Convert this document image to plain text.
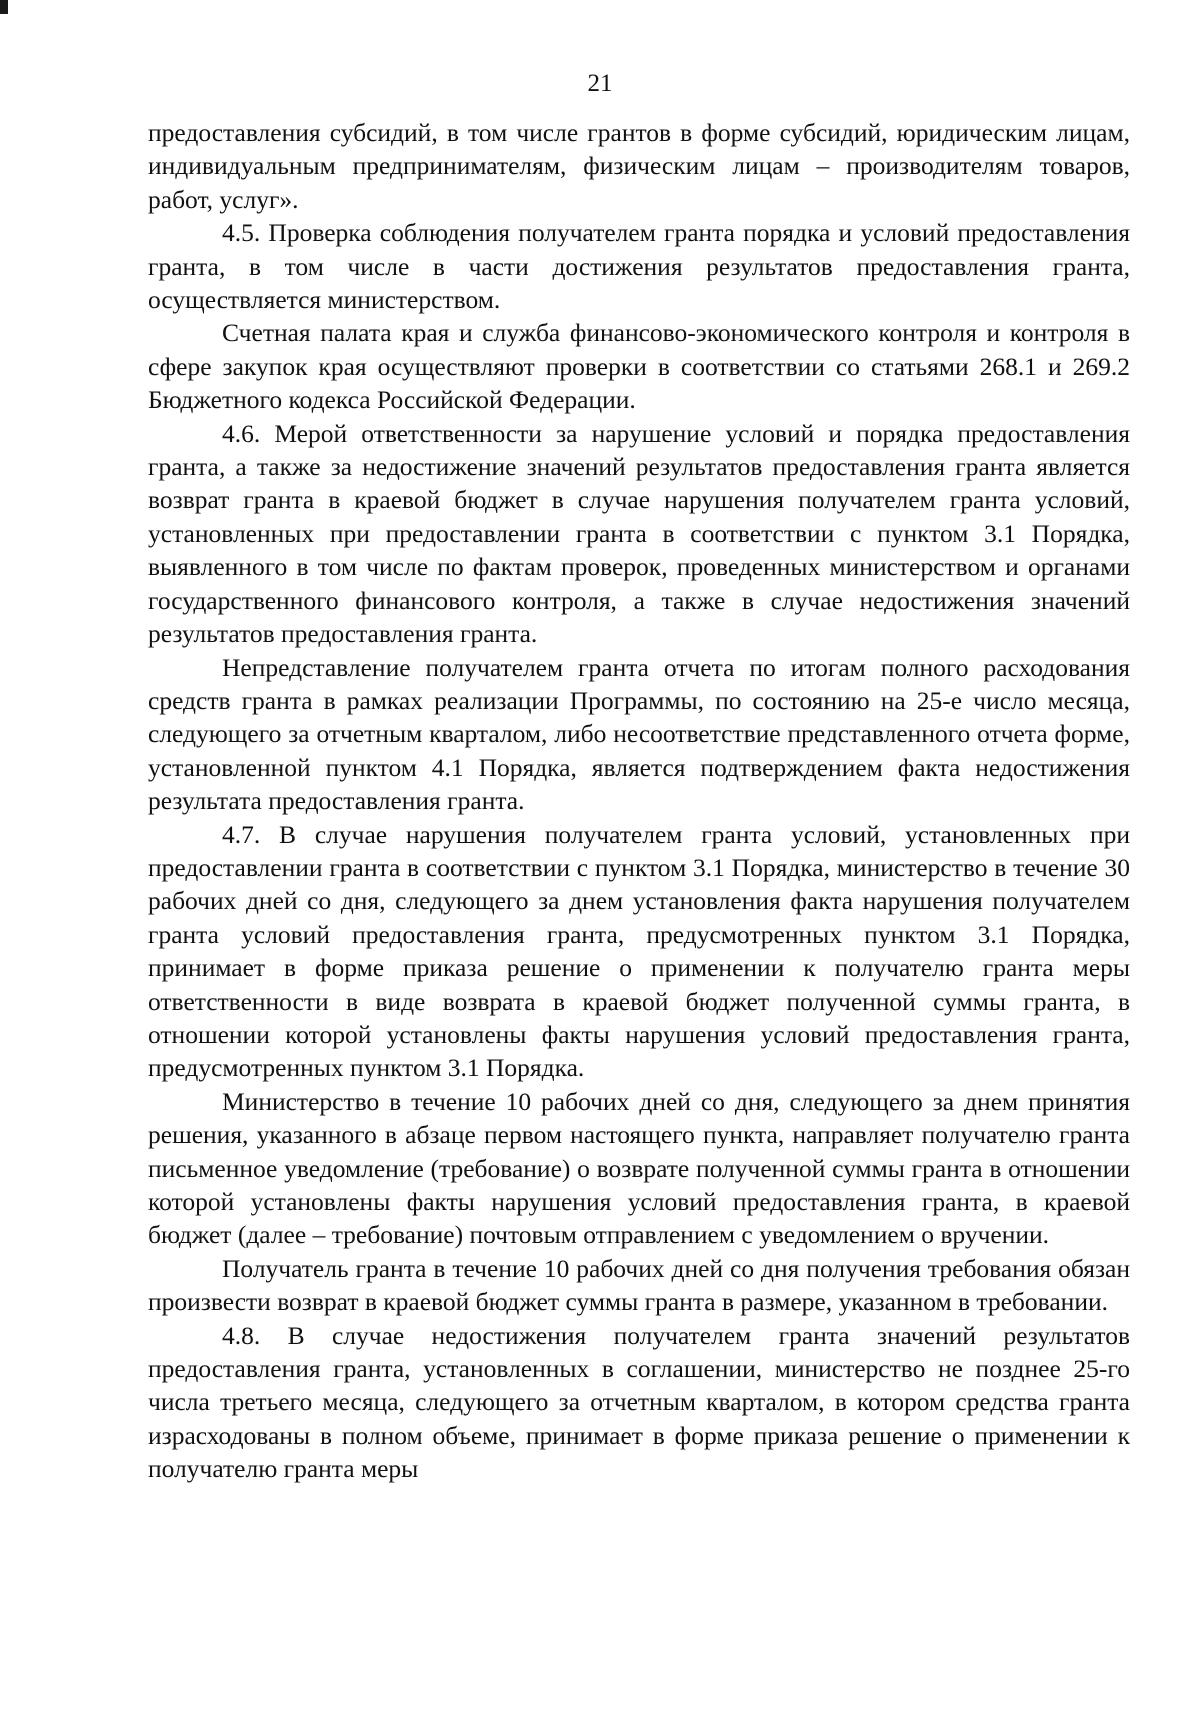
21

предоставления субсидий, в том числе грантов в форме субсидий, юридическим лицам, индивидуальным предпринимателям, физическим лицам – производителям товаров, работ, услуг».

4.5. Проверка соблюдения получателем гранта порядка и условий предоставления гранта, в том числе в части достижения результатов предоставления гранта, осуществляется министерством.

Счетная палата края и служба финансово-экономического контроля и контроля в сфере закупок края осуществляют проверки в соответствии со статьями 268.1 и 269.2 Бюджетного кодекса Российской Федерации.

4.6. Мерой ответственности за нарушение условий и порядка предоставления гранта, а также за недостижение значений результатов предоставления гранта является возврат гранта в краевой бюджет в случае нарушения получателем гранта условий, установленных при предоставлении гранта в соответствии с пунктом 3.1 Порядка, выявленного в том числе по фактам проверок, проведенных министерством и органами государственного финансового контроля, а также в случае недостижения значений результатов предоставления гранта.

Непредставление получателем гранта отчета по итогам полного расходования средств гранта в рамках реализации Программы, по состоянию на 25-е число месяца, следующего за отчетным кварталом, либо несоответствие представленного отчета форме, установленной пунктом 4.1 Порядка, является подтверждением факта недостижения результата предоставления гранта.

4.7. В случае нарушения получателем гранта условий, установленных при предоставлении гранта в соответствии с пунктом 3.1 Порядка, министерство в течение 30 рабочих дней со дня, следующего за днем установления факта нарушения получателем гранта условий предоставления гранта, предусмотренных пунктом 3.1 Порядка, принимает в форме приказа решение о применении к получателю гранта меры ответственности в виде возврата в краевой бюджет полученной суммы гранта, в отношении которой установлены факты нарушения условий предоставления гранта, предусмотренных пунктом 3.1 Порядка.

Министерство в течение 10 рабочих дней со дня, следующего за днем принятия решения, указанного в абзаце первом настоящего пункта, направляет получателю гранта письменное уведомление (требование) о возврате полученной суммы гранта в отношении которой установлены факты нарушения условий предоставления гранта, в краевой бюджет (далее – требование) почтовым отправлением с уведомлением о вручении.

Получатель гранта в течение 10 рабочих дней со дня получения требования обязан произвести возврат в краевой бюджет суммы гранта в размере, указанном в требовании.

4.8. В случае недостижения получателем гранта значений результатов предоставления гранта, установленных в соглашении, министерство не позднее 25-го числа третьего месяца, следующего за отчетным кварталом, в котором средства гранта израсходованы в полном объеме, принимает в форме приказа решение о применении к получателю гранта меры
